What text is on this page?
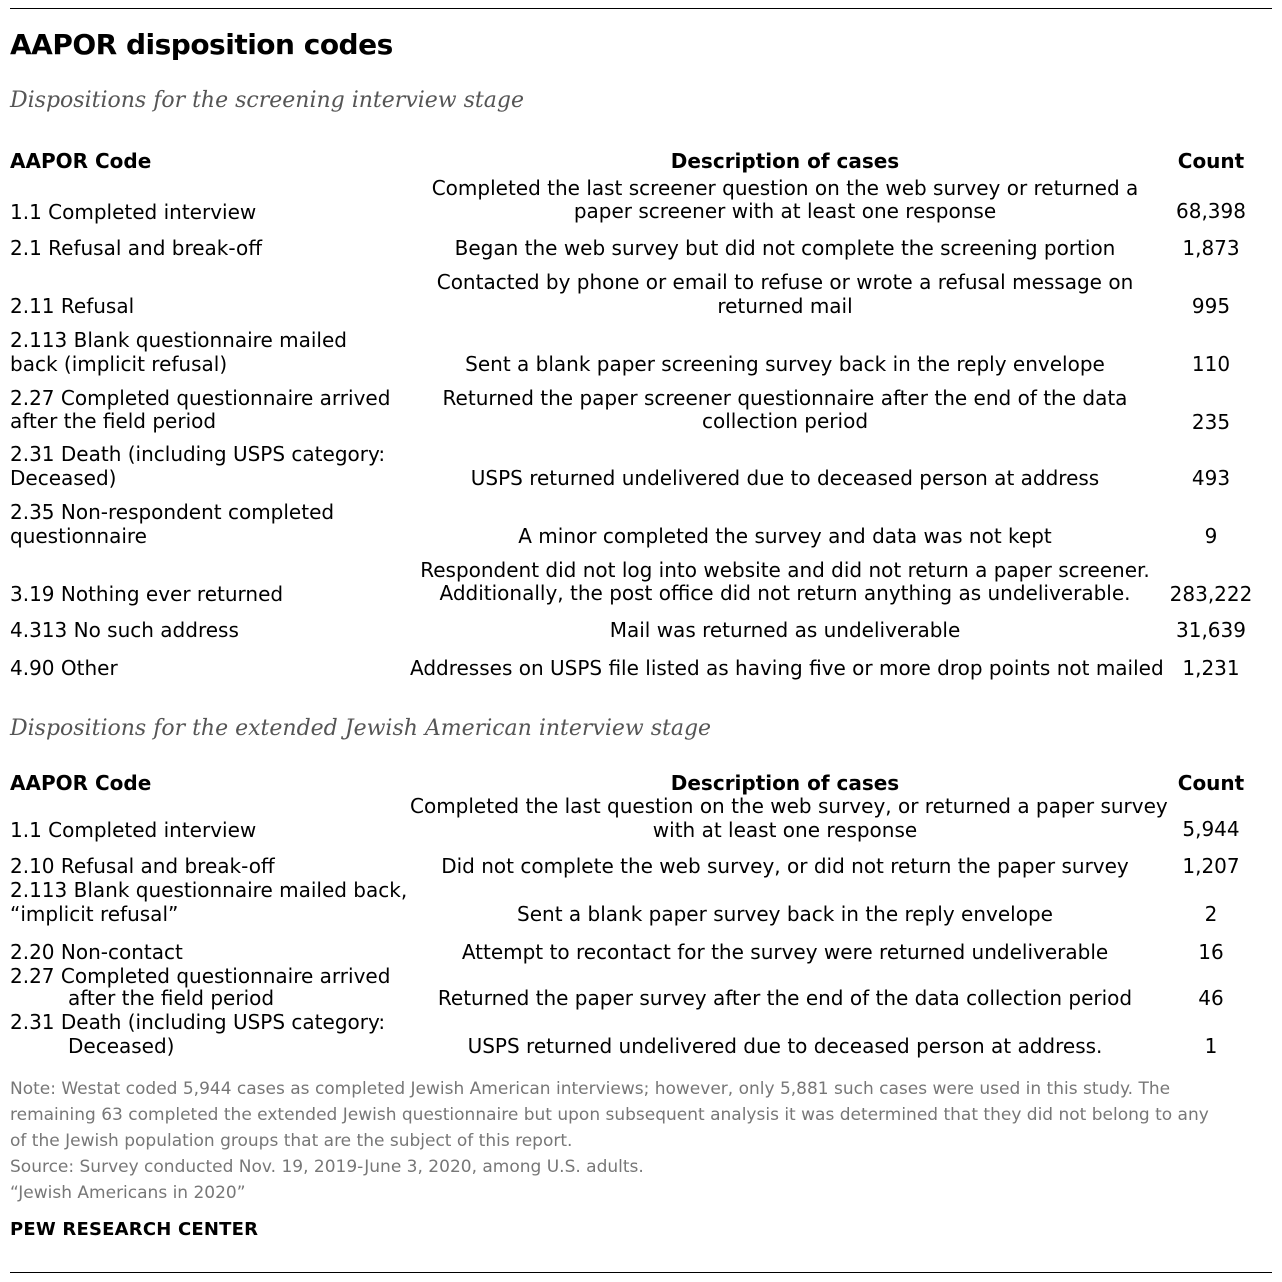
AAPOR disposition codes
Dispositions for the screening interview stage
AAPOR Code	Description of cases	Count
1.1 Completed interview
Completed the last screener question on the web survey or returned a
paper screener with at least one response	68,398
2.1 Refusal and break-off	Began the web survey but did not complete the screening portion	1,873
2.11 Refusal
Contacted by phone or email to refuse or wrote a refusal message on
returned mail	995
2.113 Blank questionnaire mailed
back (implicit refusal)	Sent a blank paper screening survey back in the reply envelope	110
2.27 Completed questionnaire arrived
after the field period
Returned the paper screener questionnaire after the end of the data
collection period	235
2.31 Death (including USPS category:
Deceased)	USPS returned undelivered due to deceased person at address	493
2.35 Non-respondent completed
questionnaire	A minor completed the survey and data was not kept	9
3.19 Nothing ever returned
Respondent did not log into website and did not return a paper screener.
Additionally, the post office did not return anything as undeliverable.	283,222
4.313 No such address	Mail was returned as undeliverable	31,639
4.90 Other	Addresses on USPS file listed as having five or more drop points not mailed 1,231
Dispositions for the extended Jewish American interview stage
AAPOR Code	Description of cases	Count
1.1 Completed interview
Completed the last question on the web survey, or returned a paper survey
with at least one response	5,944
2.10 Refusal and break-off	Did not complete the web survey, or did not return the paper survey	1,207
2.113 Blank questionnaire mailed back,
“implicit refusal”	Sent a blank paper survey back in the reply envelope	2
2.20 Non-contact	Attempt to recontact for the survey were returned undeliverable	16
2.27 Completed questionnaire arrived
after the field period	Returned the paper survey after the end of the data collection period	46
2.31 Death (including USPS category:
Deceased)	USPS returned undelivered due to deceased person at address.	1
Note: Westat coded 5,944 cases as completed Jewish American interviews; however, only 5,881 such cases were used in this study. The
remaining 63 completed the extended Jewish questionnaire but upon subsequent analysis it was determined that they did not belong to any
of the Jewish population groups that are the subject of this report.
Source: Survey conducted Nov. 19, 2019-June 3, 2020, among U.S. adults.
“Jewish Americans in 2020”
PEW RESEARCH CENTER
